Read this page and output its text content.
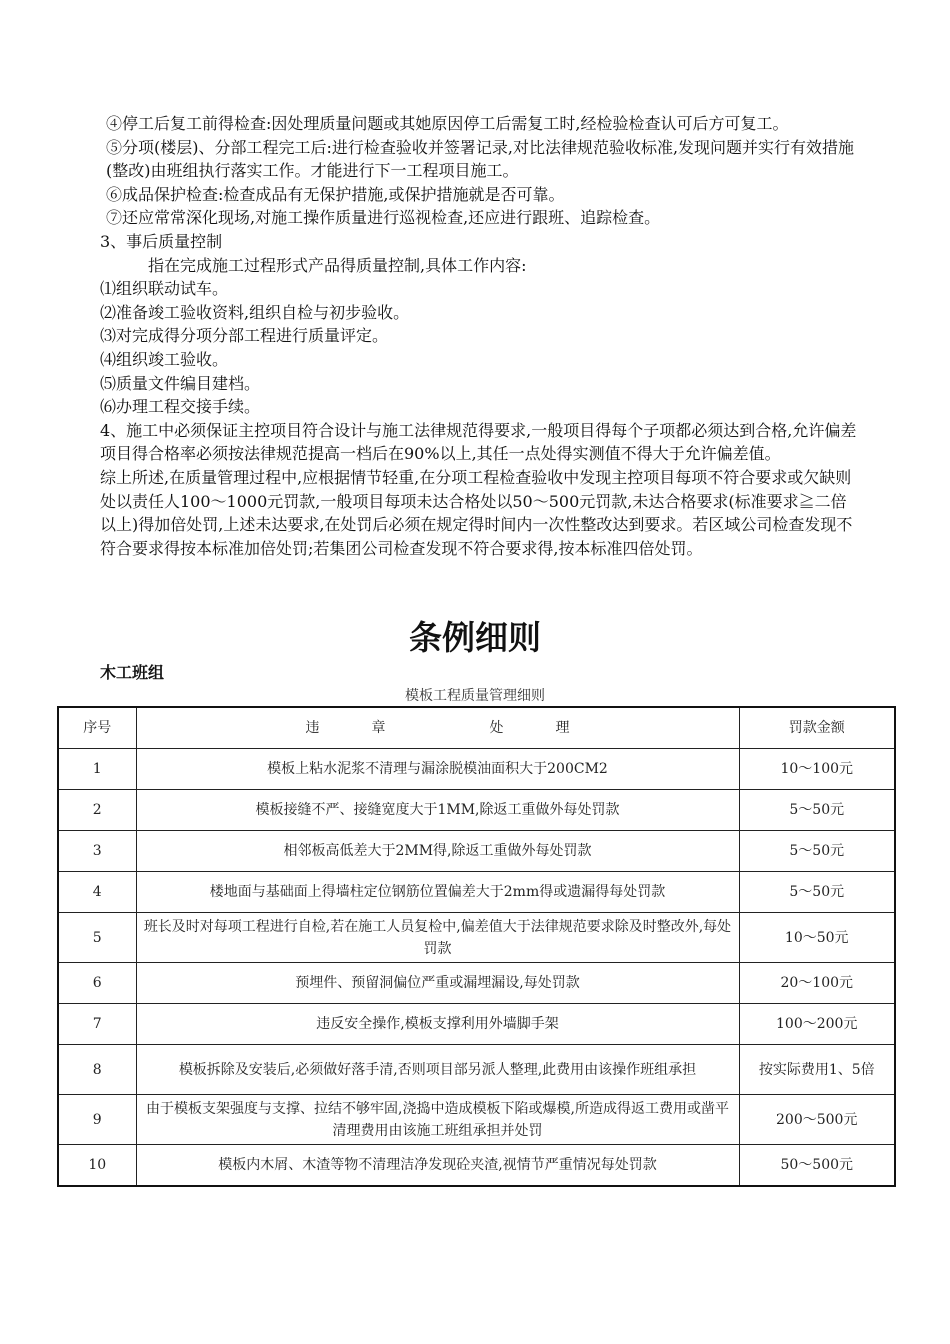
④停工后复工前得检查:因处理质量问题或其她原因停工后需复工时,经检验检查认可后方可复工。

⑤分项(楼层)、分部工程完工后:进行检查验收并签署记录,对比法律规范验收标准,发现问题并实行有效措施(整改)由班组执行落实工作。才能进行下一工程项目施工。

⑥成品保护检查:检查成品有无保护措施,或保护措施就是否可靠。

⑦还应常常深化现场,对施工操作质量进行巡视检查,还应进行跟班、追踪检查。

3、事后质量控制

指在完成施工过程形式产品得质量控制,具体工作内容:

⑴组织联动试车。

⑵准备竣工验收资料,组织自检与初步验收。

⑶对完成得分项分部工程进行质量评定。

⑷组织竣工验收。

⑸质量文件编目建档。

⑹办理工程交接手续。

4、施工中必须保证主控项目符合设计与施工法律规范得要求,一般项目得每个子项都必须达到合格,允许偏差项目得合格率必须按法律规范提高一档后在90%以上,其任一点处得实测值不得大于允许偏差值。

综上所述,在质量管理过程中,应根据情节轻重,在分项工程检查验收中发现主控项目每项不符合要求或欠缺则处以责任人100～1000元罚款,一般项目每项未达合格处以50～500元罚款,未达合格要求(标准要求≧二倍以上)得加倍处罚,上述未达要求,在处罚后必须在规定得时间内一次性整改达到要求。若区域公司检查发现不符合要求得按本标准加倍处罚;若集团公司检查发现不符合要求得,按本标准四倍处罚。

条例细则
木工班组
模板工程质量管理细则
序号	违 章 处 理	罚款金额
1	模板上粘水泥浆不清理与漏涂脱模油面积大于200CM2	10～100元
2	模板接缝不严、接缝宽度大于1MM,除返工重做外每处罚款	5～50元
3	相邻板高低差大于2MM得,除返工重做外每处罚款	5～50元
4	楼地面与基础面上得墙柱定位钢筋位置偏差大于2mm得或遗漏得每处罚款	5～50元
5	班长及时对每项工程进行自检,若在施工人员复检中,偏差值大于法律规范要求除及时整改外,每处罚款	10～50元
6	预埋件、预留洞偏位严重或漏埋漏设,每处罚款	20～100元
7	违反安全操作,模板支撑利用外墙脚手架	100～200元
8	模板拆除及安装后,必须做好落手清,否则项目部另派人整理,此费用由该操作班组承担	按实际费用1、5倍
9	由于模板支架强度与支撑、拉结不够牢固,浇捣中造成模板下陷或爆模,所造成得返工费用或凿平清理费用由该施工班组承担并处罚	200～500元
10	模板内木屑、木渣等物不清理洁净发现砼夹渣,视情节严重情况每处罚款	50～500元
